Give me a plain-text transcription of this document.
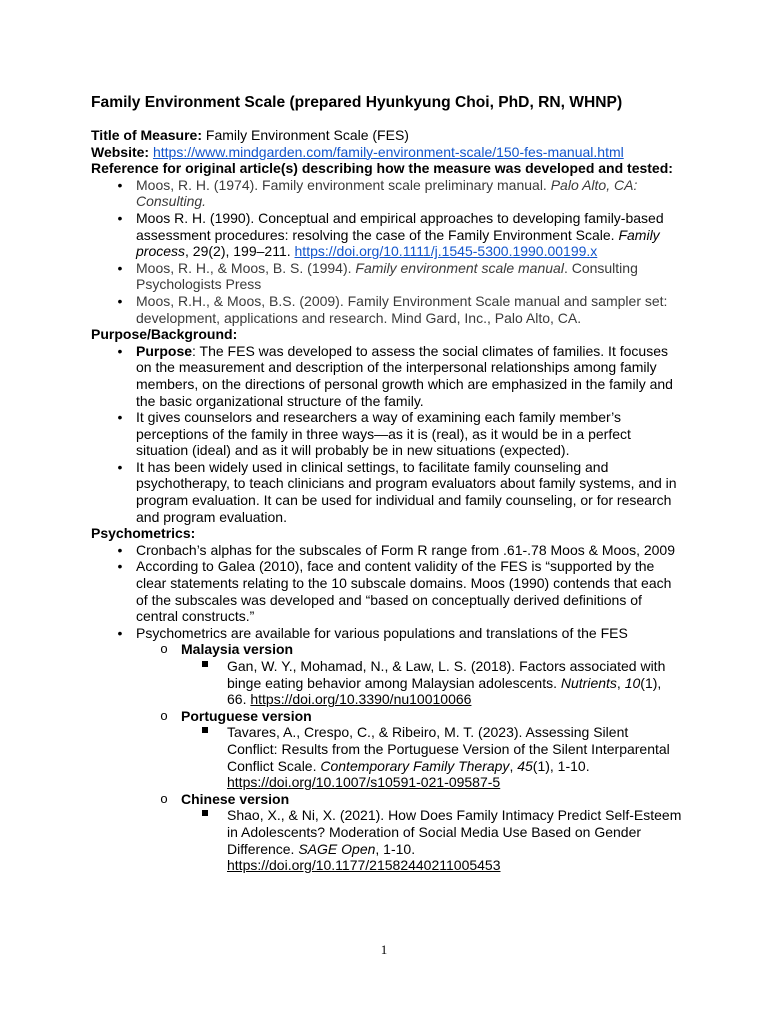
Family Environment Scale (prepared Hyunkyung Choi, PhD, RN, WHNP)

Title of Measure: Family Environment Scale (FES)

Website: https://www.mindgarden.com/family-environment-scale/150-fes-manual.html

Reference for original article(s) describing how the measure was developed and tested:

• Moos, R. H. (1974). Family environment scale preliminary manual. Palo Alto, CA:
Consulting.
• Moos R. H. (1990). Conceptual and empirical approaches to developing family-based
assessment procedures: resolving the case of the Family Environment Scale. Family
process, 29(2), 199–211. https://doi.org/10.1111/j.1545-5300.1990.00199.x
• Moos, R. H., & Moos, B. S. (1994). Family environment scale manual. Consulting
Psychologists Press
• Moos, R.H., & Moos, B.S. (2009). Family Environment Scale manual and sampler set:
development, applications and research. Mind Gard, Inc., Palo Alto, CA.

Purpose/Background:

• Purpose: The FES was developed to assess the social climates of families. It focuses
on the measurement and description of the interpersonal relationships among family
members, on the directions of personal growth which are emphasized in the family and
the basic organizational structure of the family.
• It gives counselors and researchers a way of examining each family member’s
perceptions of the family in three ways—as it is (real), as it would be in a perfect
situation (ideal) and as it will probably be in new situations (expected).
• It has been widely used in clinical settings, to facilitate family counseling and
psychotherapy, to teach clinicians and program evaluators about family systems, and in
program evaluation. It can be used for individual and family counseling, or for research
and program evaluation.

Psychometrics:

• Cronbach’s alphas for the subscales of Form R range from .61-.78 Moos & Moos, 2009
• According to Galea (2010), face and content validity of the FES is “supported by the
clear statements relating to the 10 subscale domains. Moos (1990) contends that each
of the subscales was developed and “based on conceptually derived definitions of
central constructs.”
• Psychometrics are available for various populations and translations of the FES
o Malaysia version
Gan, W. Y., Mohamad, N., & Law, L. S. (2018). Factors associated with
binge eating behavior among Malaysian adolescents. Nutrients, 10(1),
66. https://doi.org/10.3390/nu10010066
o Portuguese version
Tavares, A., Crespo, C., & Ribeiro, M. T. (2023). Assessing Silent
Conflict: Results from the Portuguese Version of the Silent Interparental
Conflict Scale. Contemporary Family Therapy, 45(1), 1-10.
https://doi.org/10.1007/s10591-021-09587-5
o Chinese version
Shao, X., & Ni, X. (2021). How Does Family Intimacy Predict Self-Esteem
in Adolescents? Moderation of Social Media Use Based on Gender
Difference. SAGE Open, 1-10.
https://doi.org/10.1177/21582440211005453
1
